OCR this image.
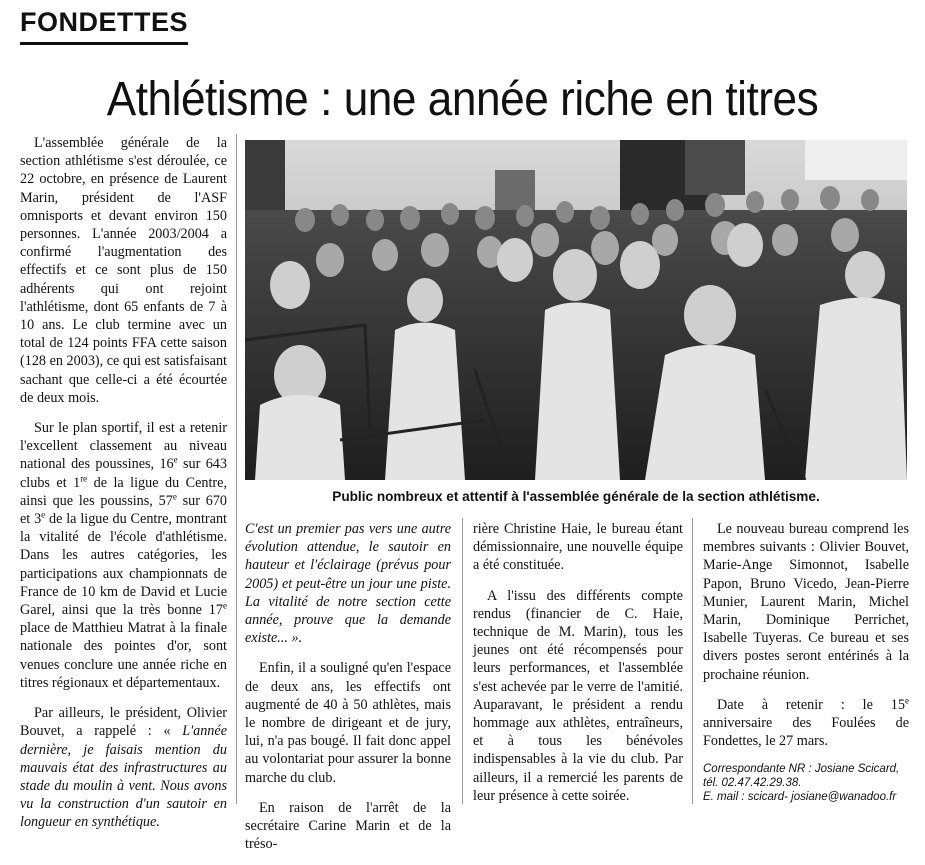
FONDETTES
Athlétisme : une année riche en titres

L'assemblée générale de la section athlétisme s'est déroulée, ce 22 octobre, en présence de Laurent Marin, président de l'ASF omnisports et devant environ 150 personnes. L'année 2003/2004 a confirmé l'augmentation des effectifs et ce sont plus de 150 adhérents qui ont rejoint l'athlétisme, dont 65 enfants de 7 à 10 ans. Le club termine avec un total de 124 points FFA cette saison (128 en 2003), ce qui est satisfaisant sachant que celle-ci a été écourtée de deux mois.

Sur le plan sportif, il est a retenir l'excellent classement au niveau national des poussines, 16e sur 643 clubs et 1re de la ligue du Centre, ainsi que les poussins, 57e sur 670 et 3e de la ligue du Centre, montrant la vitalité de l'école d'athlétisme. Dans les autres catégories, les participations aux championnats de France de 10 km de David et Lucie Garel, ainsi que la très bonne 17e place de Matthieu Matrat à la finale nationale des pointes d'or, sont venues conclure une année riche en titres régionaux et départementaux.

Par ailleurs, le président, Olivier Bouvet, a rappelé : « L'année dernière, je faisais mention du mauvais état des infrastructures au stade du moulin à vent. Nous avons vu la construction d'un sautoir en longueur en synthétique.

Public nombreux et attentif à l'assemblée générale de la section athlétisme.

C'est un premier pas vers une autre évolution attendue, le sautoir en hauteur et l'éclairage (prévus pour 2005) et peut-être un jour une piste. La vitalité de notre section cette année, prouve que la demande existe... ».

Enfin, il a souligné qu'en l'espace de deux ans, les effectifs ont augmenté de 40 à 50 athlètes, mais le nombre de dirigeant et de jury, lui, n'a pas bougé. Il fait donc appel au volontariat pour assurer la bonne marche du club.

En raison de l'arrêt de la secrétaire Carine Marin et de la tréso-

rière Christine Haie, le bureau étant démissionnaire, une nouvelle équipe a été constituée.

A l'issu des différents compte rendus (financier de C. Haie, technique de M. Marin), tous les jeunes ont été récompensés pour leurs performances, et l'assemblée s'est achevée par le verre de l'amitié. Auparavant, le président a rendu hommage aux athlètes, entraîneurs, et à tous les bénévoles indispensables à la vie du club. Par ailleurs, il a remercié les parents de leur présence à cette soirée.

Le nouveau bureau comprend les membres suivants : Olivier Bouvet, Marie-Ange Simonnot, Isabelle Papon, Bruno Vicedo, Jean-Pierre Munier, Laurent Marin, Michel Marin, Dominique Perrichet, Isabelle Tuyeras. Ce bureau et ses divers postes seront entérinés à la prochaine réunion.

Date à retenir : le 15e anniversaire des Foulées de Fondettes, le 27 mars.

Correspondante NR : Josiane Scicard,
tél. 02.47.42.29.38.
E. mail : scicard- josiane@wanadoo.fr
